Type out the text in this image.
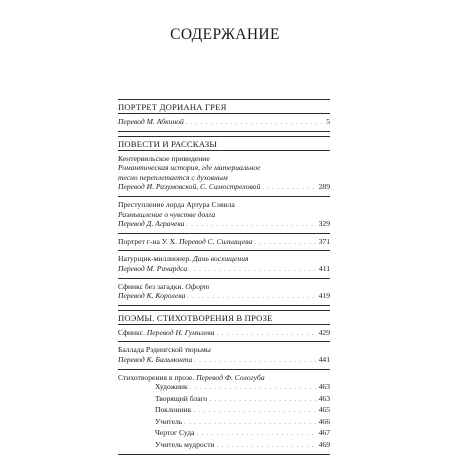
СОДЕРЖАНИЕ
ПОРТРЕТ ДОРИАНА ГРЕЯ
Перевод М. Абкиной . . .	5
ПОВЕСТИ И РАССКАЗЫ
Кентервильское привидение
Романтическая история, где материальное
тесно переплетается с духовным
Перевод И. Разумовской, С. Самостреловой . . .	289
Преступление лорда Артура Сэвила
Размышление о чувстве долга
Перевод Д. Аграчева . . .	329
Портрет г-на У. Х.
Перевод С. Сильищева . . .	371
Натурщик-миллионер.
Дань восхищения
Перевод М. Ричардса . . .	411
Сфинкс без загадки.
Офорт
Перевод К. Королева . . .	419
ПОЭМЫ. СТИХОТВОРЕНИЯ В ПРОЗЕ
Сфинкс.
Перевод Н. Гумилева . . .	429
Баллада Рэдингской тюрьмы
Перевод К. Бальмонта . . .	441
Стихотворения в прозе.
Перевод Ф. Сологуба
Художник . . .	463
Творящий благо . . .	463
Поклонник . . .	465
Учитель . . .	466
Чертог Суда . . .	467
Учитель мудрости . . .	469
